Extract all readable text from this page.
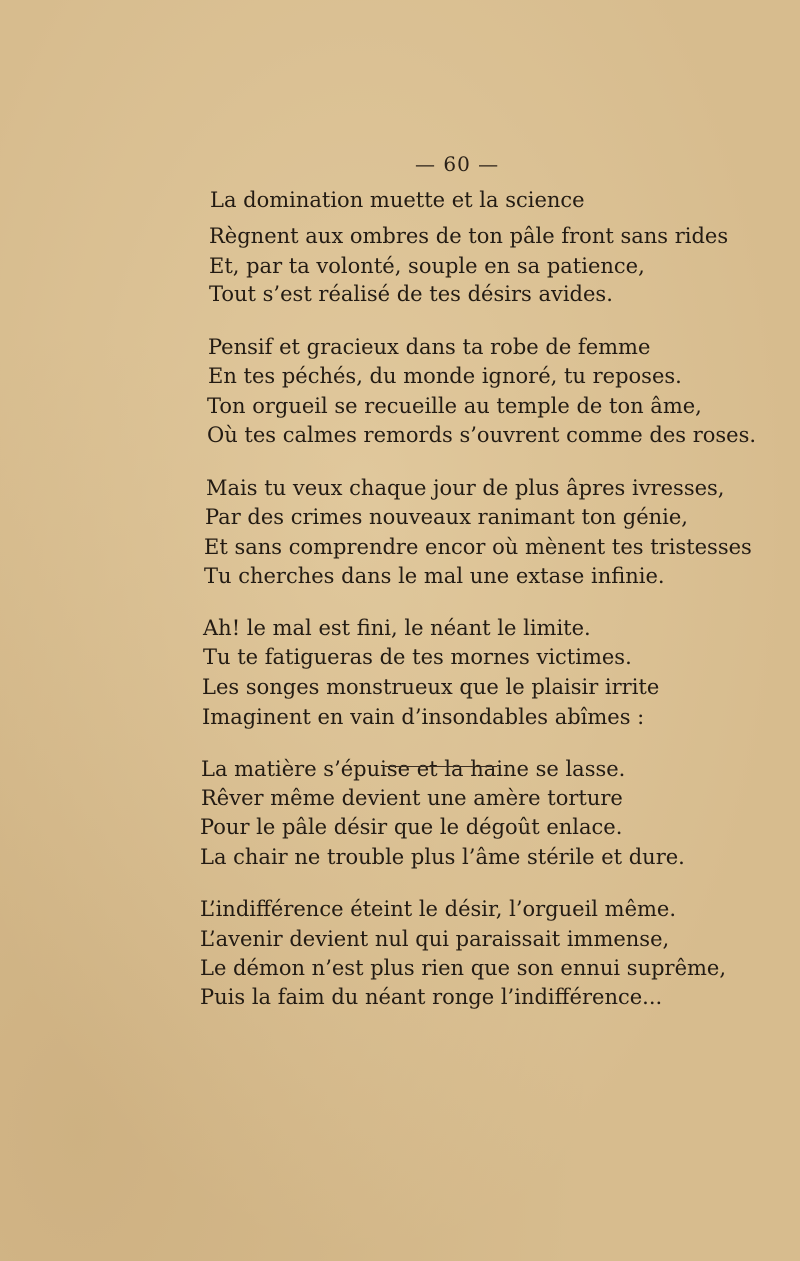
— 60 —
La domination muette et la science
Règnent aux ombres de ton pâle front sans rides
Et, par ta volonté, souple en sa patience,
Tout s’est réalisé de tes désirs avides.
Pensif et gracieux dans ta robe de femme
En tes péchés, du monde ignoré, tu reposes.
Ton orgueil se recueille au temple de ton âme,
Où tes calmes remords s’ouvrent comme des roses.
Mais tu veux chaque jour de plus âpres ivresses,
Par des crimes nouveaux ranimant ton génie,
Et sans comprendre encor où mènent tes tristesses
Tu cherches dans le mal une extase infinie.
Ah! le mal est fini, le néant le limite.
Tu te fatigueras de tes mornes victimes.
Les songes monstrueux que le plaisir irrite
Imaginent en vain d’insondables abîmes :
La matière s’épuise et la haine se lasse.
Rêver même devient une amère torture
Pour le pâle désir que le dégoût enlace.
La chair ne trouble plus l’âme stérile et dure.
L’indifférence éteint le désir, l’orgueil même.
L’avenir devient nul qui paraissait immense,
Le démon n’est plus rien que son ennui suprême,
Puis la faim du néant ronge l’indifférence...
